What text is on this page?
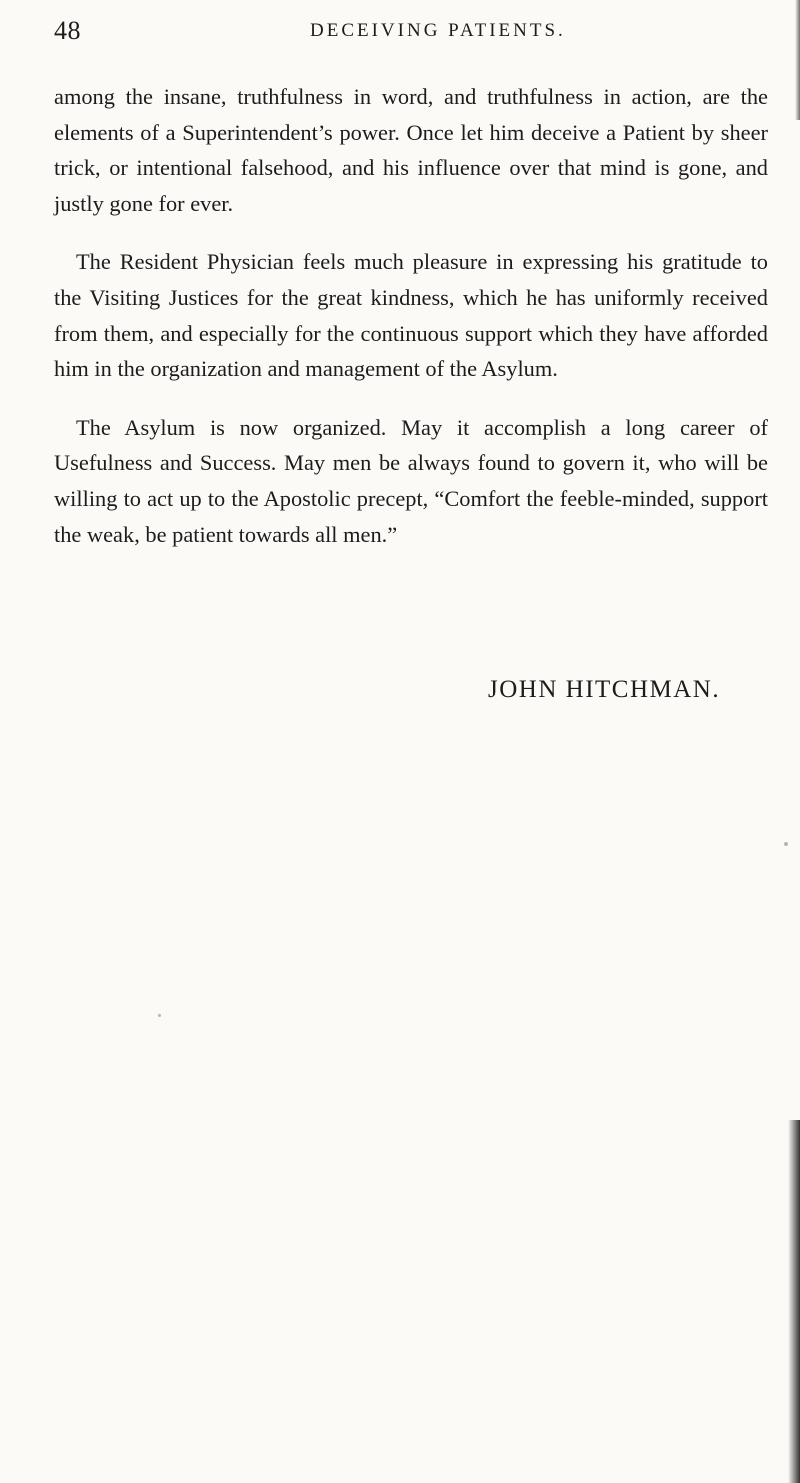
48	DECEIVING PATIENTS.

among the insane, truthfulness in word, and truthfulness in action, are the elements of a Superintendent’s power. Once let him deceive a Patient by sheer trick, or intentional falsehood, and his influence over that mind is gone, and justly gone for ever.

The Resident Physician feels much pleasure in expressing his gratitude to the Visiting Justices for the great kindness, which he has uniformly received from them, and especially for the continuous support which they have afforded him in the organization and management of the Asylum.

The Asylum is now organized. May it accomplish a long career of Usefulness and Success. May men be always found to govern it, who will be willing to act up to the Apostolic precept, “Comfort the feeble-minded, support the weak, be patient towards all men.”

JOHN HITCHMAN.
